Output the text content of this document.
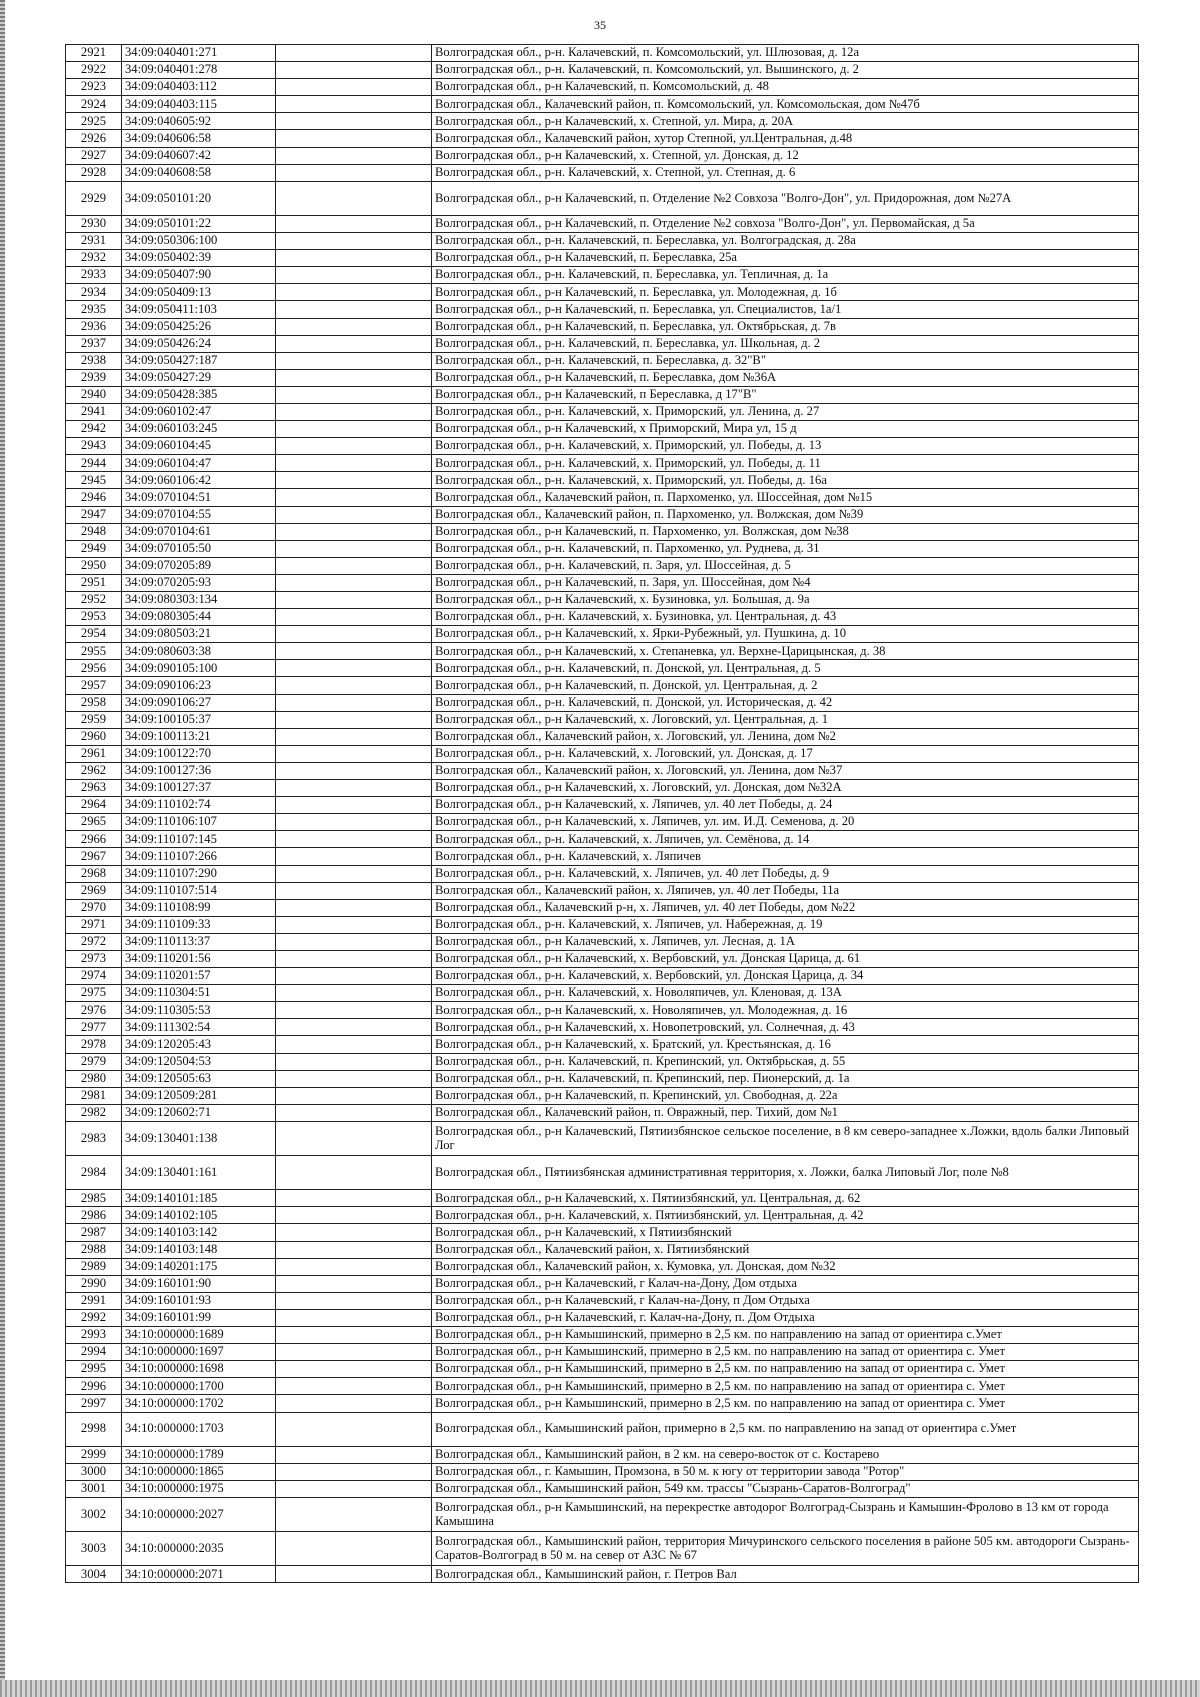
35
2921	34:09:040401:271		Волгоградская обл., р-н. Калачевский, п. Комсомольский, ул. Шлюзовая, д. 12а
2922	34:09:040401:278		Волгоградская обл., р-н. Калачевский, п. Комсомольский, ул. Вышинского, д. 2
2923	34:09:040403:112		Волгоградская обл., р-н Калачевский, п. Комсомольский, д. 48
2924	34:09:040403:115		Волгоградская обл., Калачевский район, п. Комсомольский, ул. Комсомольская, дом №47б
2925	34:09:040605:92		Волгоградская обл., р-н Калачевский, х. Степной, ул. Мира, д. 20А
2926	34:09:040606:58		Волгоградская обл., Калачевский район, хутор Степной, ул.Центральная, д.48
2927	34:09:040607:42		Волгоградская обл., р-н Калачевский, х. Степной, ул. Донская, д. 12
2928	34:09:040608:58		Волгоградская обл., р-н. Калачевский, х. Степной, ул. Степная, д. 6
2929	34:09:050101:20		Волгоградская обл., р-н Калачевский, п. Отделение №2 Совхоза "Волго-Дон", ул. Придорожная, дом №27А
2930	34:09:050101:22		Волгоградская обл., р-н Калачевский, п. Отделение №2 совхоза "Волго-Дон", ул. Первомайская, д 5а
2931	34:09:050306:100		Волгоградская обл., р-н. Калачевский, п. Береславка, ул. Волгоградская, д. 28а
2932	34:09:050402:39		Волгоградская обл., р-н Калачевский, п. Береславка, 25а
2933	34:09:050407:90		Волгоградская обл., р-н. Калачевский, п. Береславка, ул. Тепличная, д. 1а
2934	34:09:050409:13		Волгоградская обл., р-н Калачевский, п. Береславка, ул. Молодежная, д. 1б
2935	34:09:050411:103		Волгоградская обл., р-н Калачевский, п. Береславка, ул. Специалистов, 1а/1
2936	34:09:050425:26		Волгоградская обл., р-н Калачевский, п. Береславка, ул. Октябрьская, д. 7в
2937	34:09:050426:24		Волгоградская обл., р-н. Калачевский, п. Береславка, ул. Школьная, д. 2
2938	34:09:050427:187		Волгоградская обл., р-н. Калачевский, п. Береславка, д. 32"В"
2939	34:09:050427:29		Волгоградская обл., р-н Калачевский, п. Береславка, дом №36А
2940	34:09:050428:385		Волгоградская обл., р-н Калачевский, п Береславка, д 17"В"
2941	34:09:060102:47		Волгоградская обл., р-н. Калачевский, х. Приморский, ул. Ленина, д. 27
2942	34:09:060103:245		Волгоградская обл., р-н Калачевский, х Приморский, Мира ул, 15 д
2943	34:09:060104:45		Волгоградская обл., р-н. Калачевский, х. Приморский, ул. Победы, д. 13
2944	34:09:060104:47		Волгоградская обл., р-н. Калачевский, х. Приморский, ул. Победы, д. 11
2945	34:09:060106:42		Волгоградская обл., р-н. Калачевский, х. Приморский, ул. Победы, д. 16а
2946	34:09:070104:51		Волгоградская обл., Калачевский район, п. Пархоменко, ул. Шоссейная, дом №15
2947	34:09:070104:55		Волгоградская обл., Калачевский район, п. Пархоменко, ул. Волжская, дом №39
2948	34:09:070104:61		Волгоградская обл., р-н Калачевский, п. Пархоменко, ул. Волжская, дом №38
2949	34:09:070105:50		Волгоградская обл., р-н. Калачевский, п. Пархоменко, ул. Руднева, д. 31
2950	34:09:070205:89		Волгоградская обл., р-н. Калачевский, п. Заря, ул. Шоссейная, д. 5
2951	34:09:070205:93		Волгоградская обл., р-н Калачевский, п. Заря, ул. Шоссейная, дом №4
2952	34:09:080303:134		Волгоградская обл., р-н Калачевский, х. Бузиновка, ул. Большая, д. 9а
2953	34:09:080305:44		Волгоградская обл., р-н. Калачевский, х. Бузиновка, ул. Центральная, д. 43
2954	34:09:080503:21		Волгоградская обл., р-н Калачевский, х. Ярки-Рубежный, ул. Пушкина, д. 10
2955	34:09:080603:38		Волгоградская обл., р-н Калачевский, х. Степаневка, ул. Верхне-Царицынская, д. 38
2956	34:09:090105:100		Волгоградская обл., р-н. Калачевский, п. Донской, ул. Центральная, д. 5
2957	34:09:090106:23		Волгоградская обл., р-н Калачевский, п. Донской, ул. Центральная, д. 2
2958	34:09:090106:27		Волгоградская обл., р-н. Калачевский, п. Донской, ул. Историческая, д. 42
2959	34:09:100105:37		Волгоградская обл., р-н Калачевский, х. Логовский, ул. Центральная, д. 1
2960	34:09:100113:21		Волгоградская обл., Калачевский район, х. Логовский, ул. Ленина, дом №2
2961	34:09:100122:70		Волгоградская обл., р-н. Калачевский, х. Логовский, ул. Донская, д. 17
2962	34:09:100127:36		Волгоградская обл., Калачевский район, х. Логовский, ул. Ленина, дом №37
2963	34:09:100127:37		Волгоградская обл., р-н Калачевский, х. Логовский, ул. Донская, дом №32А
2964	34:09:110102:74		Волгоградская обл., р-н Калачевский, х. Ляпичев, ул. 40 лет Победы, д. 24
2965	34:09:110106:107		Волгоградская обл., р-н Калачевский, х. Ляпичев, ул. им. И.Д. Семенова, д. 20
2966	34:09:110107:145		Волгоградская обл., р-н. Калачевский, х. Ляпичев, ул. Семёнова, д. 14
2967	34:09:110107:266		Волгоградская обл., р-н. Калачевский, х. Ляпичев
2968	34:09:110107:290		Волгоградская обл., р-н. Калачевский, х. Ляпичев, ул. 40 лет Победы, д. 9
2969	34:09:110107:514		Волгоградская обл., Калачевский район, х. Ляпичев, ул. 40 лет Победы, 11а
2970	34:09:110108:99		Волгоградская обл., Калачевский р-н, х. Ляпичев, ул. 40 лет Победы, дом №22
2971	34:09:110109:33		Волгоградская обл., р-н. Калачевский, х. Ляпичев, ул. Набережная, д. 19
2972	34:09:110113:37		Волгоградская обл., р-н Калачевский, х. Ляпичев, ул. Лесная, д. 1А
2973	34:09:110201:56		Волгоградская обл., р-н Калачевский, х. Вербовский, ул. Донская Царица, д. 61
2974	34:09:110201:57		Волгоградская обл., р-н. Калачевский, х. Вербовский, ул. Донская Царица, д. 34
2975	34:09:110304:51		Волгоградская обл., р-н. Калачевский, х. Новоляпичев, ул. Кленовая, д. 13А
2976	34:09:110305:53		Волгоградская обл., р-н Калачевский, х. Новоляпичев, ул. Молодежная, д. 16
2977	34:09:111302:54		Волгоградская обл., р-н Калачевский, х. Новопетровский, ул. Солнечная, д. 43
2978	34:09:120205:43		Волгоградская обл., р-н Калачевский, х. Братский, ул. Крестьянская, д. 16
2979	34:09:120504:53		Волгоградская обл., р-н. Калачевский, п. Крепинский, ул. Октябрьская, д. 55
2980	34:09:120505:63		Волгоградская обл., р-н. Калачевский, п. Крепинский, пер. Пионерский, д. 1а
2981	34:09:120509:281		Волгоградская обл., р-н Калачевский, п. Крепинский, ул. Свободная, д. 22а
2982	34:09:120602:71		Волгоградская обл., Калачевский район, п. Овражный, пер. Тихий, дом №1
2983	34:09:130401:138		Волгоградская обл., р-н Калачевский, Пятиизбянское сельское поселение, в 8 км северо-западнее х.Ложки, вдоль балки Липовый Лог
2984	34:09:130401:161		Волгоградская обл., Пятиизбянская административная территория, х. Ложки, балка Липовый Лог, поле №8
2985	34:09:140101:185		Волгоградская обл., р-н Калачевский, х. Пятиизбянский, ул. Центральная, д. 62
2986	34:09:140102:105		Волгоградская обл., р-н. Калачевский, х. Пятиизбянский, ул. Центральная, д. 42
2987	34:09:140103:142		Волгоградская обл., р-н Калачевский, х Пятиизбянский
2988	34:09:140103:148		Волгоградская обл., Калачевский район, х. Пятиизбянский
2989	34:09:140201:175		Волгоградская обл., Калачевский район, х. Кумовка, ул. Донская, дом №32
2990	34:09:160101:90		Волгоградская обл., р-н Калачевский, г Калач-на-Дону, Дом отдыха
2991	34:09:160101:93		Волгоградская обл., р-н Калачевский, г Калач-на-Дону, п Дом Отдыха
2992	34:09:160101:99		Волгоградская обл., р-н Калачевский, г. Калач-на-Дону, п. Дом Отдыха
2993	34:10:000000:1689		Волгоградская обл., р-н Камышинский, примерно в 2,5 км. по направлению на запад от ориентира с.Умет
2994	34:10:000000:1697		Волгоградская обл., р-н Камышинский, примерно в 2,5 км. по направлению на запад от ориентира с. Умет
2995	34:10:000000:1698		Волгоградская обл., р-н Камышинский, примерно в 2,5 км. по направлению на запад от ориентира с. Умет
2996	34:10:000000:1700		Волгоградская обл., р-н Камышинский, примерно в 2,5 км. по направлению на запад от ориентира с. Умет
2997	34:10:000000:1702		Волгоградская обл., р-н Камышинский, примерно в 2,5 км. по направлению на запад от ориентира с. Умет
2998	34:10:000000:1703		Волгоградская обл., Камышинский район, примерно в 2,5 км. по направлению на запад от ориентира с.Умет
2999	34:10:000000:1789		Волгоградская обл., Камышинский район, в 2 км. на северо-восток от с. Костарево
3000	34:10:000000:1865		Волгоградская обл., г. Камышин, Промзона, в 50 м. к югу от территории завода "Ротор"
3001	34:10:000000:1975		Волгоградская обл., Камышинский район, 549 км. трассы "Сызрань-Саратов-Волгоград"
3002	34:10:000000:2027		Волгоградская обл., р-н Камышинский, на перекрестке автодорог Волгоград-Сызрань и Камышин-Фролово в 13 км от города Камышина
3003	34:10:000000:2035		Волгоградская обл., Камышинский район, территория Мичуринского сельского поселения в районе 505 км. автодороги Сызрань-Саратов-Волгоград в 50 м. на север от АЗС № 67
3004	34:10:000000:2071		Волгоградская обл., Камышинский район, г. Петров Вал
